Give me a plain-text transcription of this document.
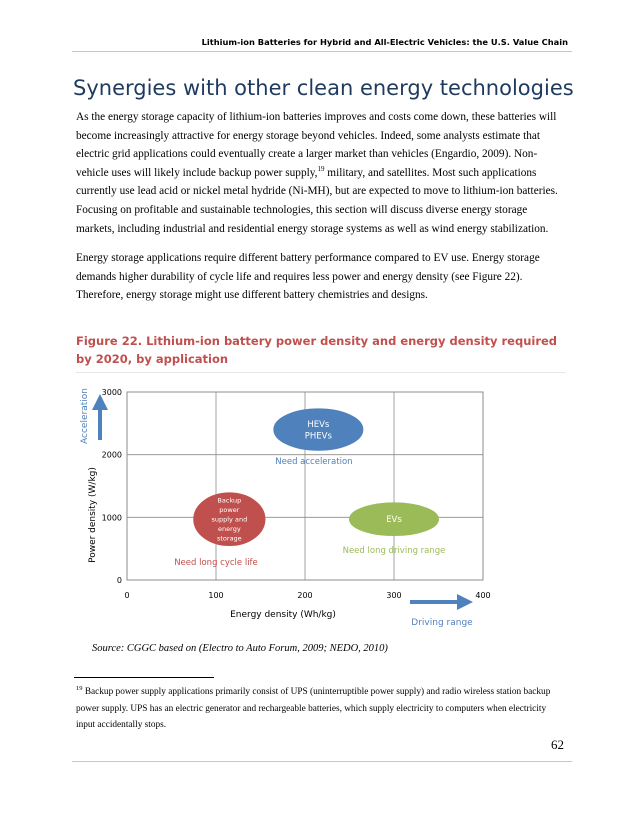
Lithium-ion Batteries for Hybrid and All-Electric Vehicles: the U.S. Value Chain
Synergies with other clean energy technologies
As the energy storage capacity of lithium-ion batteries improves and costs come down, these batteries will become increasingly attractive for energy storage beyond vehicles. Indeed, some analysts estimate that electric grid applications could eventually create a larger market than vehicles (Engardio, 2009). Non-vehicle uses will likely include backup power supply,$^{19}$ military, and satellites. Most such applications currently use lead acid or nickel metal hydride (Ni-MH), but are expected to move to lithium-ion batteries. Focusing on profitable and sustainable technologies, this section will discuss diverse energy storage markets, including industrial and residential energy storage systems as well as wind energy stabilization.
Energy storage applications require different battery performance compared to EV use. Energy storage demands higher durability of cycle life and requires less power and energy density (see Figure 22). Therefore, energy storage might use different battery chemistries and designs.
Figure 22. Lithium-ion battery power density and energy density required by 2020, by application
HEVs
PHEVs
Backup
power
supply and
energy
storage
EVs
0
1000
2000
3000
0	100	200	300	400
Need acceleration
Need long cycle life
Need long driving range
Energy density (Wh/kg)
Power density (W/kg)
Acceleration
Driving range
Source: CGGC based on (Electro to Auto Forum, 2009; NEDO, 2010)
$^{19}$ Backup power supply applications primarily consist of UPS (uninterruptible power supply) and radio wireless station backup power supply. UPS has an electric generator and rechargeable batteries, which supply electricity to computers when electricity input accidentally stops.
62
